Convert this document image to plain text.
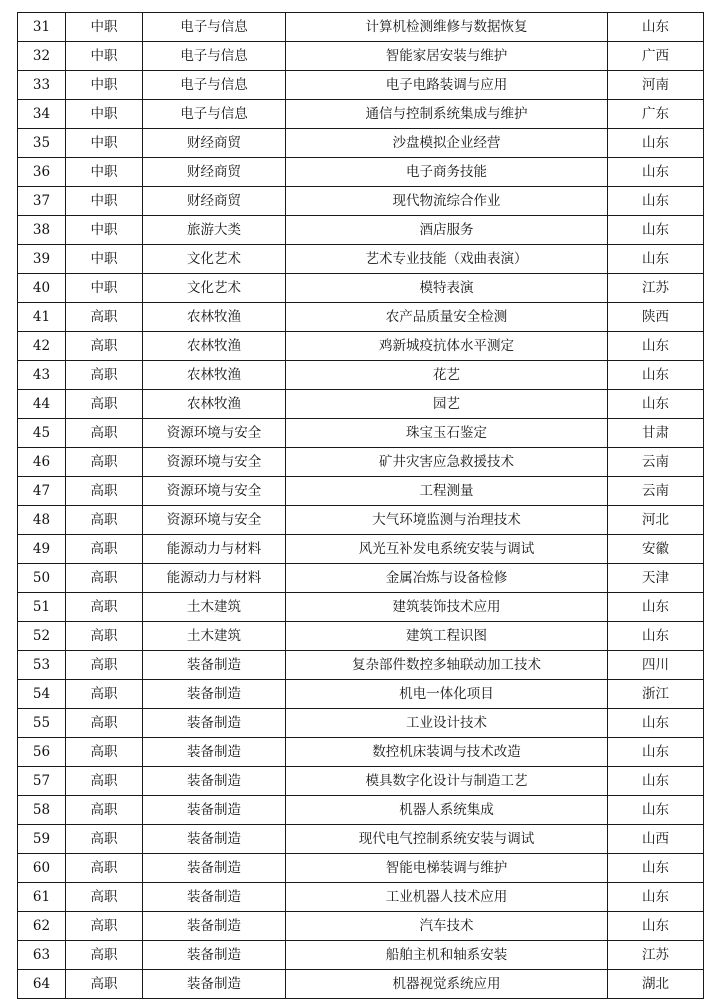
31	中职	电子与信息	计算机检测维修与数据恢复	山东
32	中职	电子与信息	智能家居安装与维护	广西
33	中职	电子与信息	电子电路装调与应用	河南
34	中职	电子与信息	通信与控制系统集成与维护	广东
35	中职	财经商贸	沙盘模拟企业经营	山东
36	中职	财经商贸	电子商务技能	山东
37	中职	财经商贸	现代物流综合作业	山东
38	中职	旅游大类	酒店服务	山东
39	中职	文化艺术	艺术专业技能（戏曲表演）	山东
40	中职	文化艺术	模特表演	江苏
41	高职	农林牧渔	农产品质量安全检测	陕西
42	高职	农林牧渔	鸡新城疫抗体水平测定	山东
43	高职	农林牧渔	花艺	山东
44	高职	农林牧渔	园艺	山东
45	高职	资源环境与安全	珠宝玉石鉴定	甘肃
46	高职	资源环境与安全	矿井灾害应急救援技术	云南
47	高职	资源环境与安全	工程测量	云南
48	高职	资源环境与安全	大气环境监测与治理技术	河北
49	高职	能源动力与材料	风光互补发电系统安装与调试	安徽
50	高职	能源动力与材料	金属冶炼与设备检修	天津
51	高职	土木建筑	建筑装饰技术应用	山东
52	高职	土木建筑	建筑工程识图	山东
53	高职	装备制造	复杂部件数控多轴联动加工技术	四川
54	高职	装备制造	机电一体化项目	浙江
55	高职	装备制造	工业设计技术	山东
56	高职	装备制造	数控机床装调与技术改造	山东
57	高职	装备制造	模具数字化设计与制造工艺	山东
58	高职	装备制造	机器人系统集成	山东
59	高职	装备制造	现代电气控制系统安装与调试	山西
60	高职	装备制造	智能电梯装调与维护	山东
61	高职	装备制造	工业机器人技术应用	山东
62	高职	装备制造	汽车技术	山东
63	高职	装备制造	船舶主机和轴系安装	江苏
64	高职	装备制造	机器视觉系统应用	湖北
